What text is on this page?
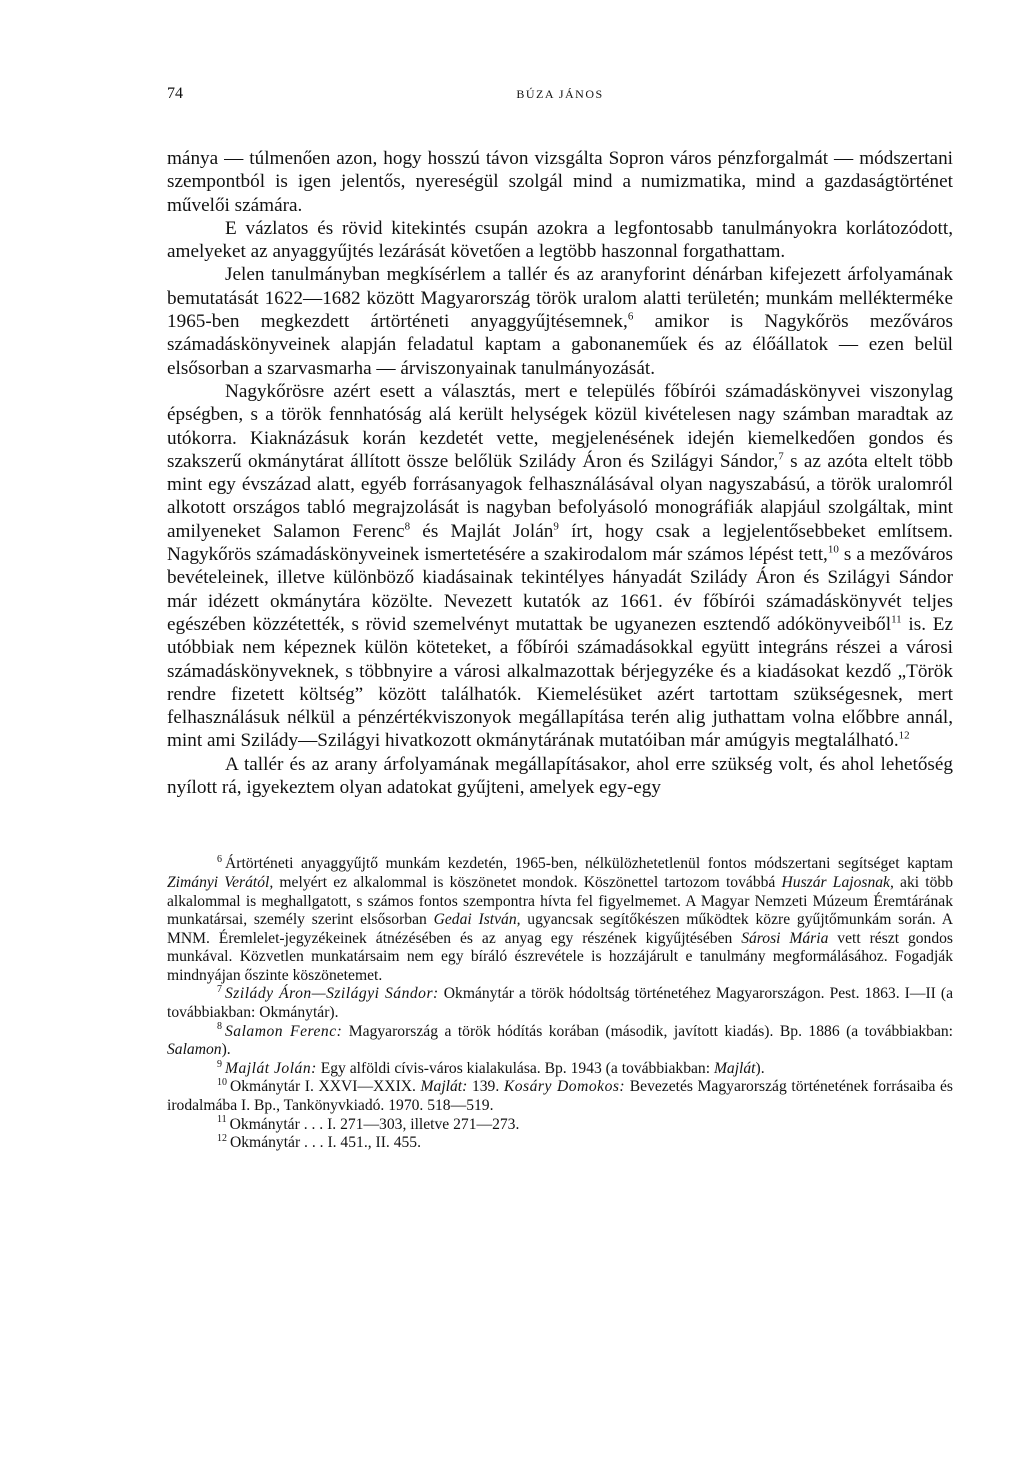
74	BÚZA JÁNOS

mánya — túlmenően azon, hogy hosszú távon vizsgálta Sopron város pénzforgalmát — módszertani szempontból is igen jelentős, nyereségül szolgál mind a numizmatika, mind a gazdaságtörténet művelői számára.

E vázlatos és rövid kitekintés csupán azokra a legfontosabb tanulmányokra korlátozódott, amelyeket az anyaggyűjtés lezárását követően a legtöbb haszonnal forgathattam.

Jelen tanulmányban megkísérlem a tallér és az aranyforint dénárban kifejezett árfolyamának bemutatását 1622—1682 között Magyarország török uralom alatti területén; munkám mellékterméke 1965-ben megkezdett ártörténeti anyaggyűjtésemnek,$^6$ amikor is Nagykőrös mezőváros számadáskönyveinek alapján feladatul kaptam a gabonaneműek és az élőállatok — ezen belül elsősorban a szarvasmarha — árviszonyainak tanulmányozását.

Nagykőrösre azért esett a választás, mert e település főbírói számadáskönyvei viszonylag épségben, s a török fennhatóság alá került helységek közül kivételesen nagy számban maradtak az utókorra. Kiaknázásuk korán kezdetét vette, megjelenésének idején kiemelkedően gondos és szakszerű okmánytárat állított össze belőlük Szilády Áron és Szilágyi Sándor,$^7$ s az azóta eltelt több mint egy évszázad alatt, egyéb forrásanyagok felhasználásával olyan nagyszabású, a török uralomról alkotott országos tabló megrajzolását is nagyban befolyásoló monográfiák alapjául szolgáltak, mint amilyeneket Salamon Ferenc$^8$ és Majlát Jolán$^9$ írt, hogy csak a legjelentősebbeket említsem. Nagykőrös számadáskönyveinek ismertetésére a szakirodalom már számos lépést tett,$^{10}$ s a mezőváros bevételeinek, illetve különböző kiadásainak tekintélyes hányadát Szilády Áron és Szilágyi Sándor már idézett okmánytára közölte. Nevezett kutatók az 1661. év főbírói számadáskönyvét teljes egészében közzétették, s rövid szemelvényt mutattak be ugyanezen esztendő adókönyveiből$^{11}$ is. Ez utóbbiak nem képeznek külön köteteket, a főbírói számadásokkal együtt integráns részei a városi számadáskönyveknek, s többnyire a városi alkalmazottak bérjegyzéke és a kiadásokat kezdő „Török rendre fizetett költség” között találhatók. Kiemelésüket azért tartottam szükségesnek, mert felhasználásuk nélkül a pénzértékviszonyok megállapítása terén alig juthattam volna előbbre annál, mint ami Szilády—Szilágyi hivatkozott okmánytárának mutatóiban már amúgyis megtalálható.$^{12}$

A tallér és az arany árfolyamának megállapításakor, ahol erre szükség volt, és ahol lehetőség nyílott rá, igyekeztem olyan adatokat gyűjteni, amelyek egy-egy

$^6$ Ártörténeti anyaggyűjtő munkám kezdetén, 1965-ben, nélkülözhetetlenül fontos módszertani segítséget kaptam Zimányi Verától, melyért ez alkalommal is köszönetet mondok. Köszönettel tartozom továbbá Huszár Lajosnak, aki több alkalommal is meghallgatott, s számos fontos szempontra hívta fel figyelmemet. A Magyar Nemzeti Múzeum Éremtárának munkatársai, személy szerint elsősorban Gedai István, ugyancsak segítőkészen működtek közre gyűjtőmunkám során. A MNM. Éremlelet-jegyzékeinek átnézésében és az anyag egy részének kigyűjtésében Sárosi Mária vett részt gondos munkával. Közvetlen munkatársaim nem egy bíráló észrevétele is hozzájárult e tanulmány megformálásához. Fogadják mindnyájan őszinte köszönetemet.

$^7$ Szilády Áron—Szilágyi Sándor: Okmánytár a török hódoltság történetéhez Magyarországon. Pest. 1863. I—II (a továbbiakban: Okmánytár).

$^8$ Salamon Ferenc: Magyarország a török hódítás korában (második, javított kiadás). Bp. 1886 (a továbbiakban: Salamon).

$^9$ Majlát Jolán: Egy alföldi cívis-város kialakulása. Bp. 1943 (a továbbiakban: Majlát).

$^{10}$ Okmánytár I. XXVI—XXIX. Majlát: 139. Kosáry Domokos: Bevezetés Magyarország történetének forrásaiba és irodalmába I. Bp., Tankönyvkiadó. 1970. 518—519.

$^{11}$ Okmánytár . . . I. 271—303, illetve 271—273.

$^{12}$ Okmánytár . . . I. 451., II. 455.
